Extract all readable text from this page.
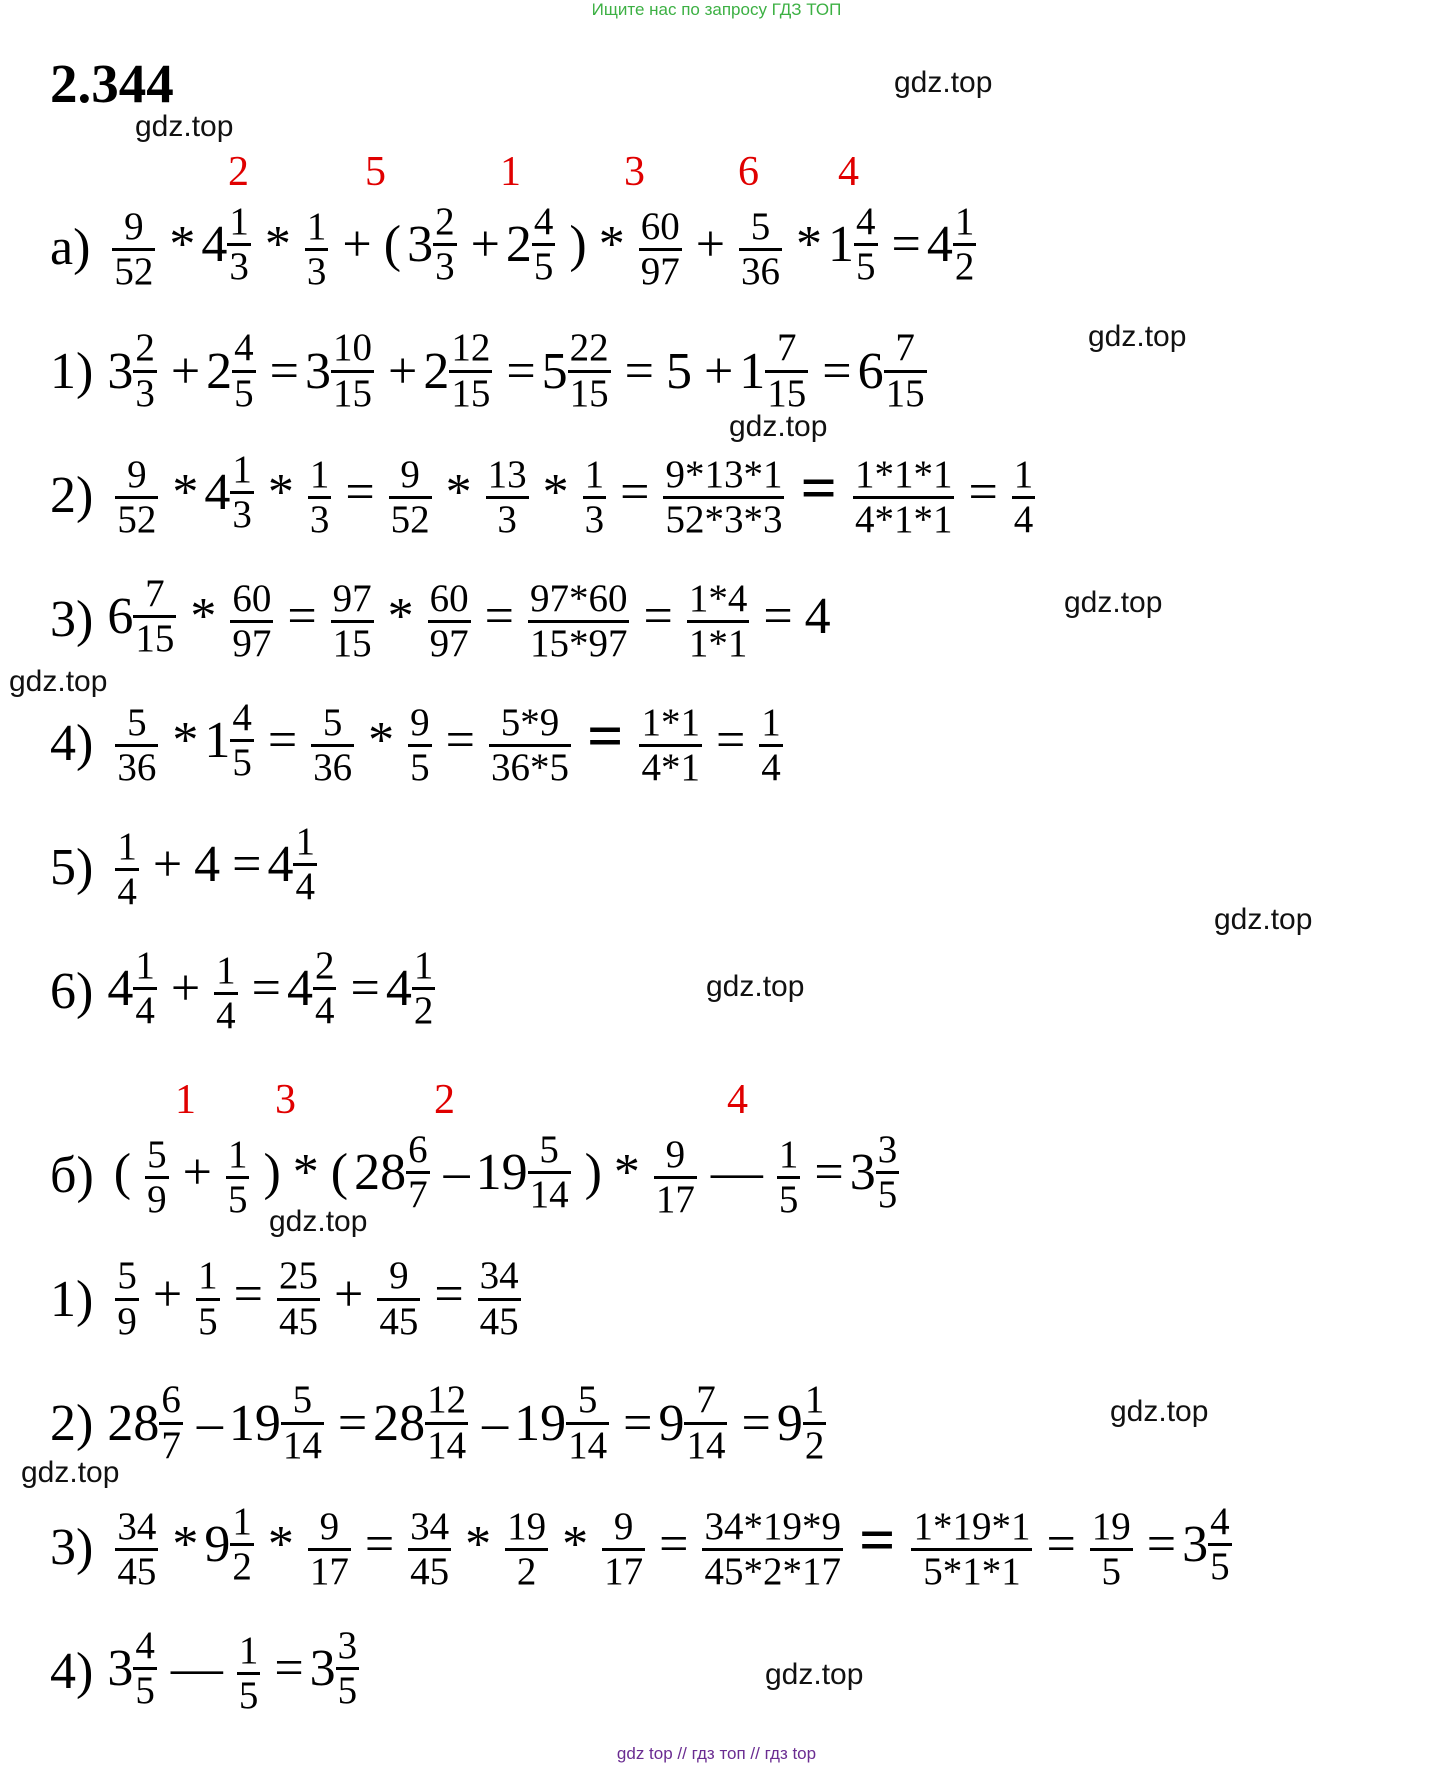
Ищите нас по запросу ГДЗ ТОП
2.344	gdz.top
gdz.top
gdz.top
gdz.top
gdz.top
gdz.top
gdz.top
gdz.top
gdz.top
gdz.top
gdz.top
gdz.top
2	5	1 3 6 4
$а) \frac{9}{52} * 4 \frac{1}{3} * \frac{1}{3}$ + ( $3 \frac{2}{3} + 2 \frac{4}{5}$ ) * $\frac{60}{97} + \frac{5}{36} * 1 \frac{4}{5} = 4 \frac{1}{2}$
1) $3 \frac{2}{3} + 2 \frac{4}{5} = 3 \frac{10}{15} + 2 \frac{12}{15} = 5 \frac{22}{15} = 5 + 1 \frac{7}{15} = 6 \frac{7}{15}$
$2) \frac{9}{52} * 4 \frac{1}{3} * \frac{1}{3} = \frac{9}{52} * \frac{13}{3} * \frac{1}{3} = \frac{9*13*1}{52*3*3} = \frac{1*1*1}{4*1*1} = \frac{1}{4}$
3) $6 \frac{7}{15} * \frac{60}{97} = \frac{97}{15} * \frac{60}{97} = \frac{97*60}{15*97} = \frac{1*4}{1*1} = 4$
$4) \frac{5}{36} * 1 \frac{4}{5} = \frac{5}{36} * \frac{9}{5} = \frac{5*9}{36*5} = \frac{1*1}{4*1} = \frac{1}{4}$
$5) \frac{1}{4} + 4 = 4 \frac{1}{4}$
6) $4 \frac{1}{4} + \frac{1}{4} = 4 \frac{2}{4} = 4 \frac{1}{2}$
1 3	2	4
б) ( $\frac{5}{9} + \frac{1}{5}$ ) * ( $28 \frac{6}{7} - 19 \frac{5}{14}$ ) * $\frac{9}{17}$ — $\frac{1}{5} = 3 \frac{3}{5}$
$1) \frac{5}{9} + \frac{1}{5} = \frac{25}{45} + \frac{9}{45} = \frac{34}{45}$
2) $28 \frac{6}{7} - 19 \frac{5}{14} = 28 \frac{12}{14} - 19 \frac{5}{14} = 9 \frac{7}{14} = 9 \frac{1}{2}$
$3) \frac{34}{45} * 9 \frac{1}{2} * \frac{9}{17} = \frac{34}{45} * \frac{19}{2} * \frac{9}{17} = \frac{34*19*9}{45*2*17} = \frac{1*19*1}{5*1*1} = \frac{19}{5} = 3 \frac{4}{5}$
4) $3 \frac{4}{5}$ — $\frac{1}{5} = 3 \frac{3}{5}$
gdz top // гдз топ // гдз top
